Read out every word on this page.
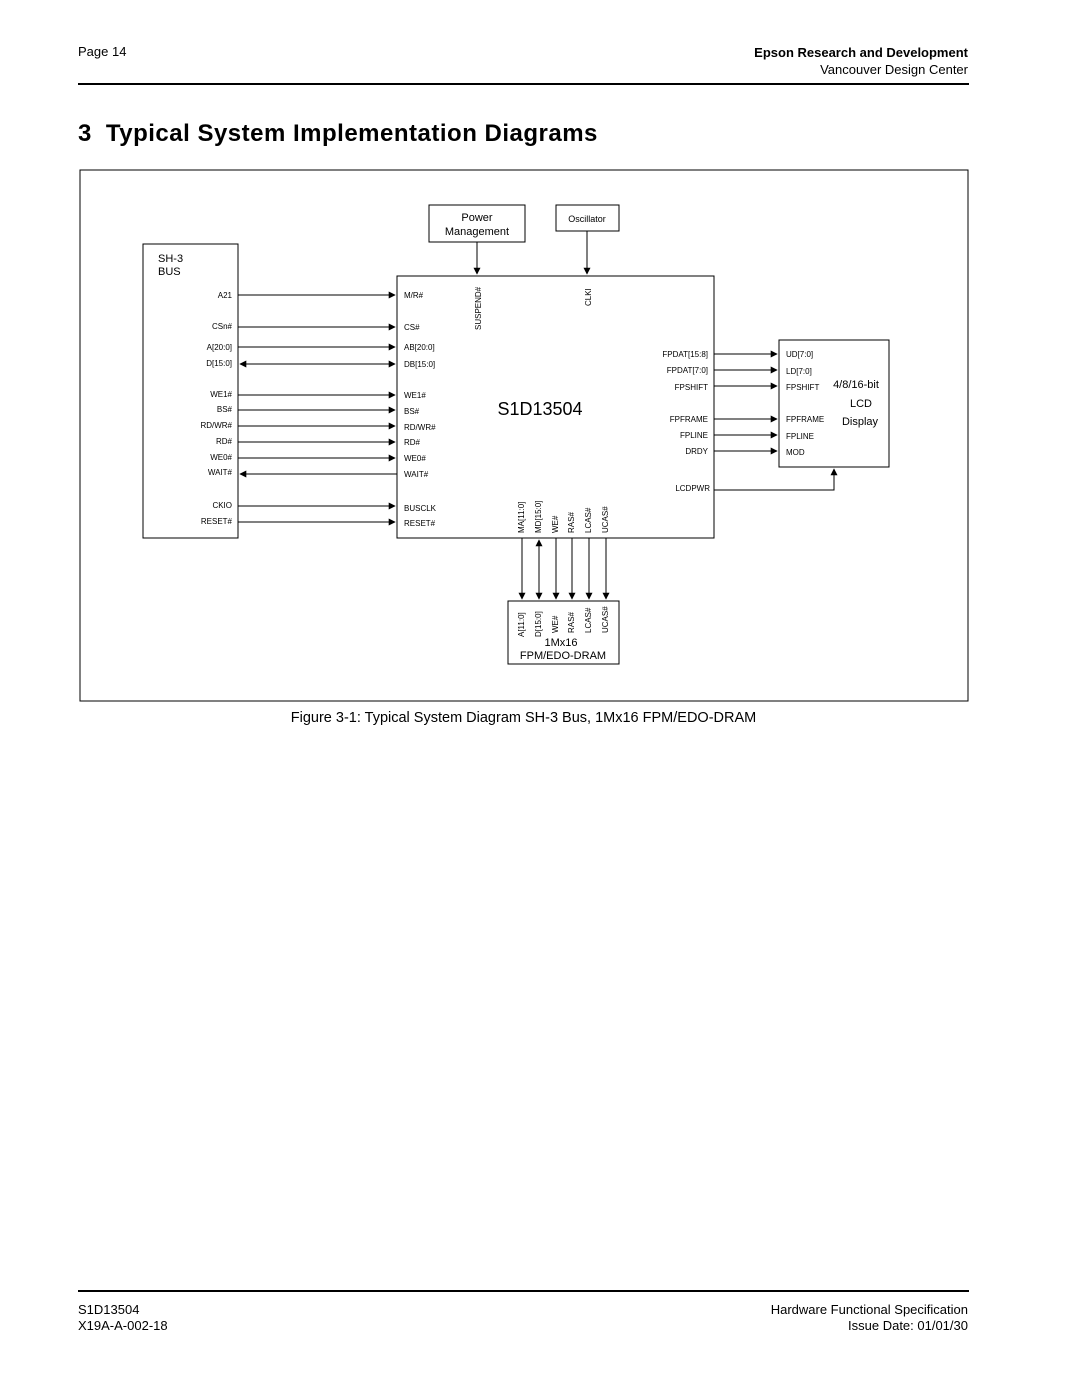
Page 14	Epson Research and Development
Vancouver Design Center
3 Typical System Implementation Diagrams
Power
Management
Oscillator
SH-3
BUS
S1D13504
4/8/16-bit
LCD
Display
1Mx16
FPM/EDO-DRAM
SUSPEND#	CLKI
A21
CSn#
A[20:0]
D[15:0]
WE1#
BS#
RD/WR#
RD#
WE0#
WAIT#
CKIO
RESET#
M/R#
CS#
AB[20:0]
DB[15:0]
WE1#
BS#
RD/WR#
RD#
WE0#
WAIT#
BUSCLK
RESET#
FPDAT[15:8]
FPDAT[7:0]
FPSHIFT
FPFRAME
FPLINE
DRDY
LCDPWR
UD[7:0]
LD[7:0]
FPSHIFT
FPFRAME
FPLINE
MOD
MA[11:0] MD[15:0] WE# RAS# LCAS# UCAS#
A[11:0] D[15:0] WE# RAS# LCAS# UCAS#
Figure 3-1: Typical System Diagram SH-3 Bus, 1Mx16 FPM/EDO-DRAM
S1D13504
X19A-A-002-18
Hardware Functional Specification
Issue Date: 01/01/30
